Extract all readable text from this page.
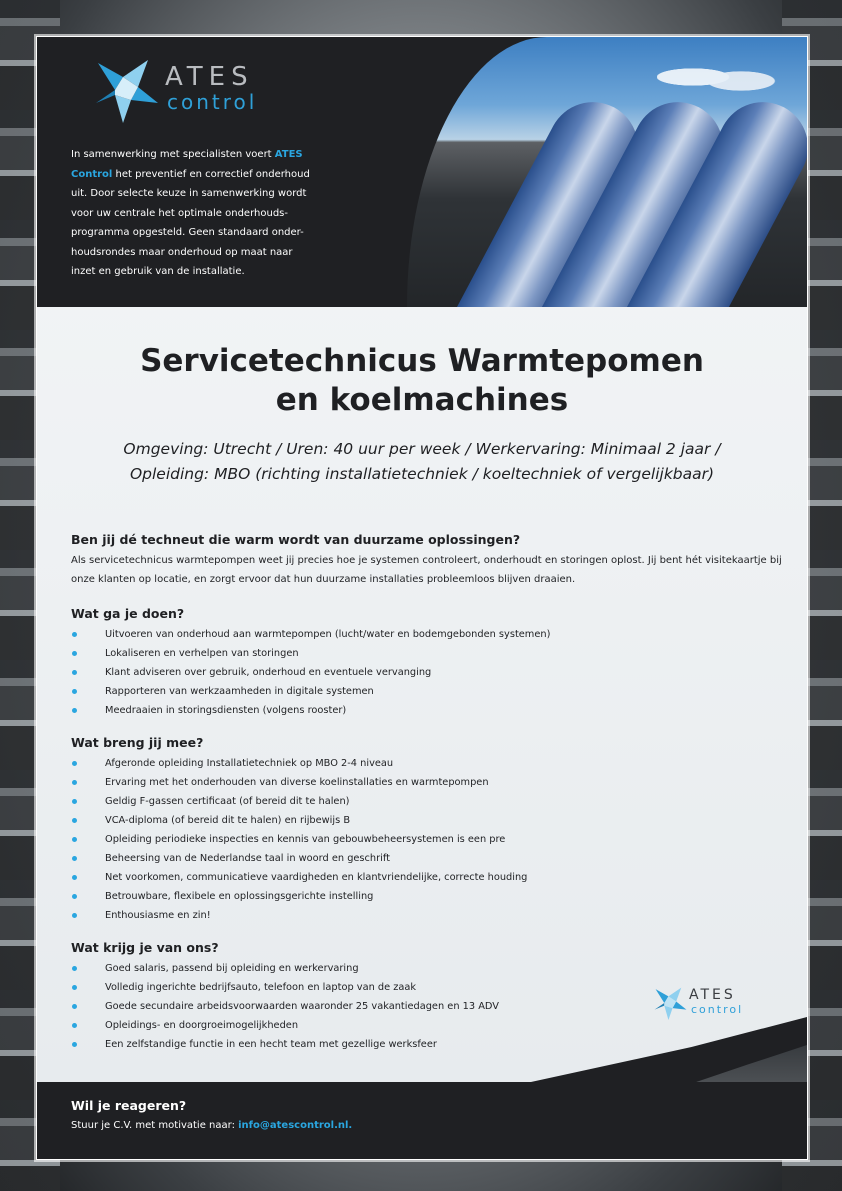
ATES
control
In samenwerking met specialisten voert ATES Control het preventief en correctief onderhoud uit. Door selecte keuze in samenwerking wordt voor uw centrale het optimale onderhouds-programma opgesteld. Geen standaard onder-houdsrondes maar onderhoud op maat naar inzet en gebruik van de installatie.
Servicetechnicus Warmtepomen
en koelmachines
Omgeving: Utrecht / Uren: 40 uur per week / Werkervaring: Minimaal 2 jaar /
Opleiding: MBO (richting installatietechniek / koeltechniek of vergelijkbaar)
Ben jij dé techneut die warm wordt van duurzame oplossingen?

Als servicetechnicus warmtepompen weet jij precies hoe je systemen controleert, onderhoudt en storingen oplost. Jij bent hét visitekaartje bij onze klanten op locatie, en zorgt ervoor dat hun duurzame installaties probleemloos blijven draaien.

Wat ga je doen?
Uitvoeren van onderhoud aan warmtepompen (lucht/water en bodemgebonden systemen)
Lokaliseren en verhelpen van storingen
Klant adviseren over gebruik, onderhoud en eventuele vervanging
Rapporteren van werkzaamheden in digitale systemen
Meedraaien in storingsdiensten (volgens rooster)
Wat breng jij mee?
Afgeronde opleiding Installatietechniek op MBO 2-4 niveau
Ervaring met het onderhouden van diverse koelinstallaties en warmtepompen
Geldig F-gassen certificaat (of bereid dit te halen)
VCA-diploma (of bereid dit te halen) en rijbewijs B
Opleiding periodieke inspecties en kennis van gebouwbeheersystemen is een pre
Beheersing van de Nederlandse taal in woord en geschrift
Net voorkomen, communicatieve vaardigheden en klantvriendelijke, correcte houding
Betrouwbare, flexibele en oplossingsgerichte instelling
Enthousiasme en zin!
Wat krijg je van ons?
Goed salaris, passend bij opleiding en werkervaring
Volledig ingerichte bedrijfsauto, telefoon en laptop van de zaak
Goede secundaire arbeidsvoorwaarden waaronder 25 vakantiedagen en 13 ADV
Opleidings- en doorgroeimogelijkheden
Een zelfstandige functie in een hecht team met gezellige werksfeer
ATES
control
Wil je reageren?

Stuur je C.V. met motivatie naar: info@atescontrol.nl.
